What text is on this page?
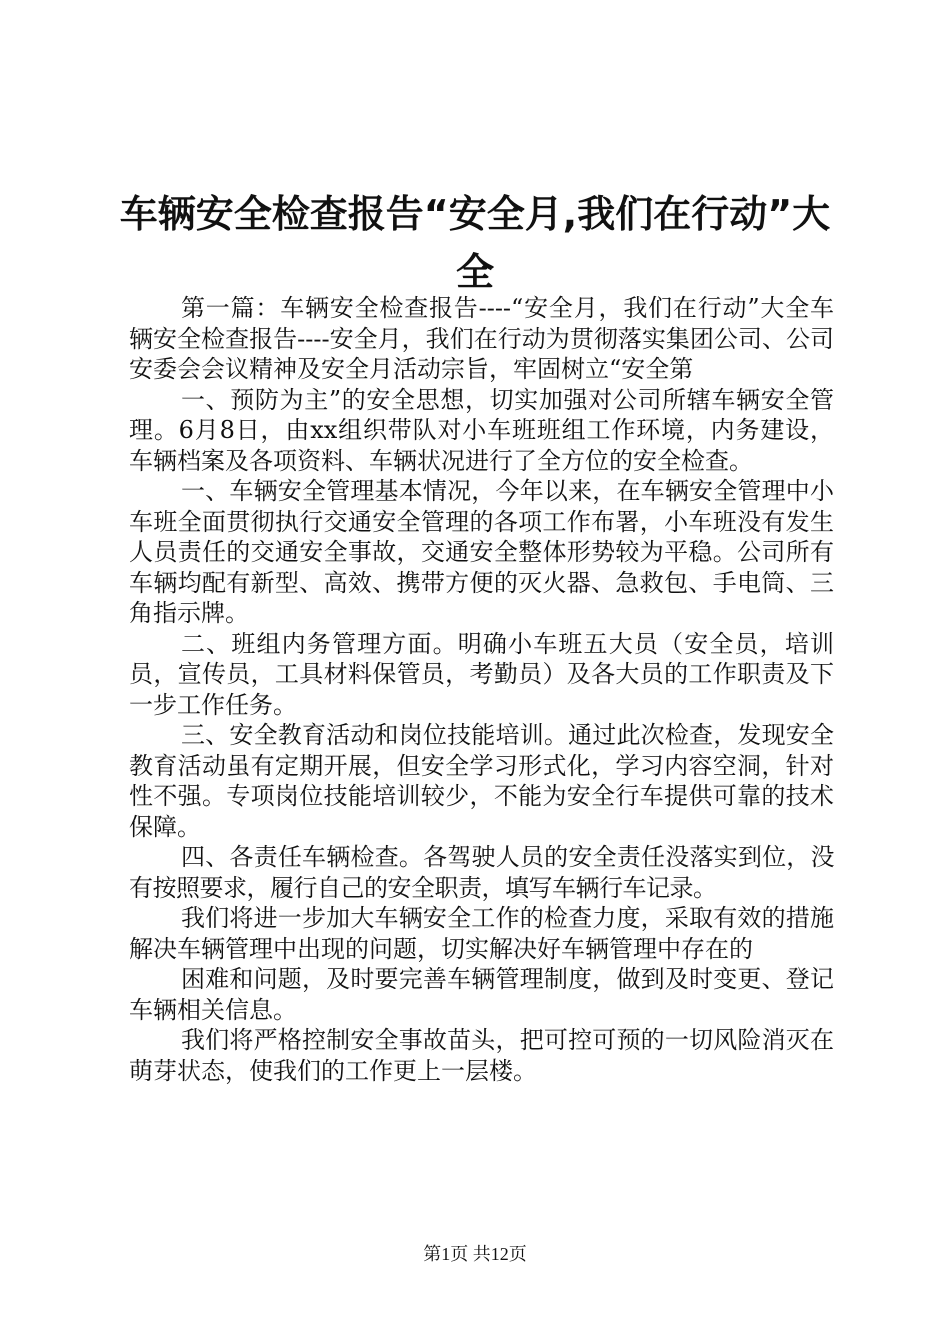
车辆安全检查报告“安全月,我们在行动”大全

第一篇：车辆安全检查报告----“安全月，我们在行动”大全车辆安全检查报告----安全月，我们在行动为贯彻落实集团公司、公司安委会会议精神及安全月活动宗旨，牢固树立“安全第

一、预防为主”的安全思想，切实加强对公司所辖车辆安全管理。6月8日，由xx组织带队对小车班班组工作环境，内务建设，车辆档案及各项资料、车辆状况进行了全方位的安全检查。

一、车辆安全管理基本情况，今年以来，在车辆安全管理中小车班全面贯彻执行交通安全管理的各项工作布署，小车班没有发生人员责任的交通安全事故，交通安全整体形势较为平稳。公司所有车辆均配有新型、高效、携带方便的灭火器、急救包、手电筒、三角指示牌。

二、班组内务管理方面。明确小车班五大员（安全员，培训员，宣传员，工具材料保管员，考勤员）及各大员的工作职责及下一步工作任务。

三、安全教育活动和岗位技能培训。通过此次检查，发现安全教育活动虽有定期开展，但安全学习形式化，学习内容空洞，针对性不强。专项岗位技能培训较少，不能为安全行车提供可靠的技术保障。

四、各责任车辆检查。各驾驶人员的安全责任没落实到位，没有按照要求，履行自己的安全职责，填写车辆行车记录。

我们将进一步加大车辆安全工作的检查力度，采取有效的措施解决车辆管理中出现的问题，切实解决好车辆管理中存在的

困难和问题，及时要完善车辆管理制度，做到及时变更、登记车辆相关信息。

我们将严格控制安全事故苗头，把可控可预的一切风险消灭在萌芽状态，使我们的工作更上一层楼。

第1页 共12页
